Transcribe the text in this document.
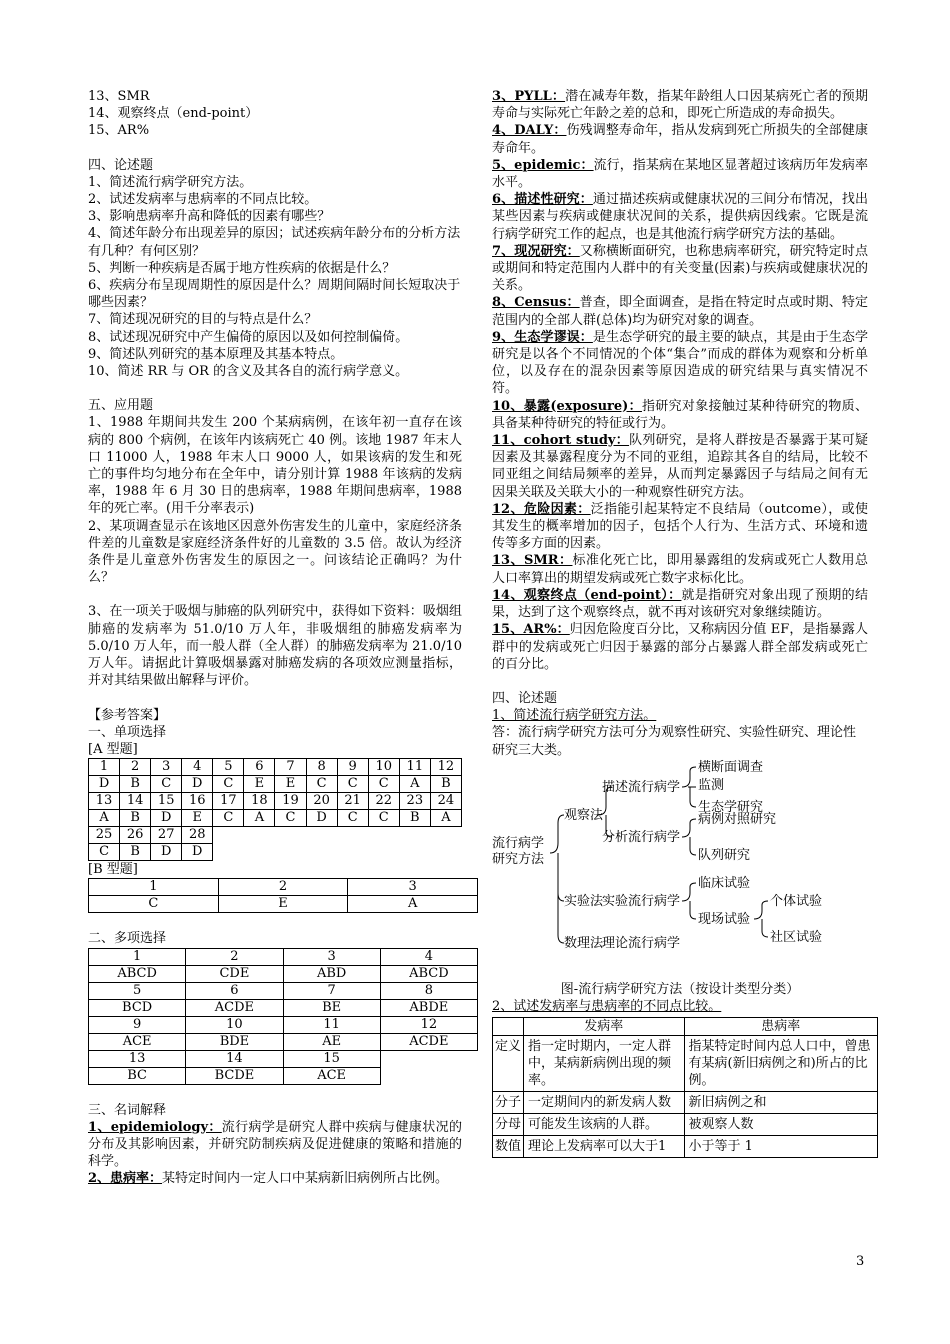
13、SMR

14、观察终点（end-point）

15、AR%

四、论述题

1、简述流行病学研究方法。

2、试述发病率与患病率的不同点比较。

3、影响患病率升高和降低的因素有哪些？

4、简述年龄分布出现差异的原因；试述疾病年龄分布的分析方法有几种？有何区别？

5、判断一种疾病是否属于地方性疾病的依据是什么？

6、疾病分布呈现周期性的原因是什么？周期间隔时间长短取决于哪些因素？

7、简述现况研究的目的与特点是什么？

8、试述现况研究中产生偏倚的原因以及如何控制偏倚。

9、简述队列研究的基本原理及其基本特点。

10、简述 RR 与 OR 的含义及其各自的流行病学意义。

五、应用题

1、1988 年期间共发生 200 个某病病例，在该年初一直存在该病的 800 个病例，在该年内该病死亡 40 例。该地 1987 年末人口 11000 人，1988 年末人口 9000 人，如果该病的发生和死亡的事件均匀地分布在全年中，请分别计算 1988 年该病的发病率，1988 年 6 月 30 日的患病率，1988 年期间患病率，1988 年的死亡率。(用千分率表示)

2、某项调查显示在该地区因意外伤害发生的儿童中，家庭经济条件差的儿童数是家庭经济条件好的儿童数的 3.5 倍。故认为经济条件是儿童意外伤害发生的原因之一。问该结论正确吗？为什么？

3、在一项关于吸烟与肺癌的队列研究中，获得如下资料：吸烟组肺癌的发病率为 51.0/10 万人年，非吸烟组的肺癌发病率为 5.0/10 万人年，而一般人群（全人群）的肺癌发病率为 21.0/10 万人年。请据此计算吸烟暴露对肺癌发病的各项效应测量指标，并对其结果做出解释与评价。

【参考答案】

一、单项选择

[A 型题]

1	2	3	4	5	6	7	8	9	10	11	12
D	B	C	D	C	E	E	C	C	C	A	B
13	14	15	16	17	18	19	20	21	22	23	24
A	B	D	E	C	A	C	D	C	C	B	A
25	26	27	28								
C	B	D	D								

[B 型题]

1	2	3
C	E	A

二、多项选择

1	2	3	4
ABCD	CDE	ABD	ABCD
5	6	7	8
BCD	ACDE	BE	ABDE
9	10	11	12
ACE	BDE	AE	ACDE
13	14	15	
BC	BCDE	ACE	

三、名词解释

1、epidemiology：流行病学是研究人群中疾病与健康状况的分布及其影响因素，并研究防制疾病及促进健康的策略和措施的科学。

2、患病率：某特定时间内一定人口中某病新旧病例所占比例。

3、PYLL：潜在减寿年数，指某年龄组人口因某病死亡者的预期寿命与实际死亡年龄之差的总和，即死亡所造成的寿命损失。

4、DALY：伤残调整寿命年，指从发病到死亡所损失的全部健康寿命年。

5、epidemic：流行，指某病在某地区显著超过该病历年发病率水平。

6、描述性研究：通过描述疾病或健康状况的三间分布情况，找出某些因素与疾病或健康状况间的关系，提供病因线索。它既是流行病学研究工作的起点，也是其他流行病学研究方法的基础。

7、现况研究：又称横断面研究，也称患病率研究，研究特定时点或期间和特定范围内人群中的有关变量(因素)与疾病或健康状况的关系。

8、Census：普查，即全面调查，是指在特定时点或时期、特定范围内的全部人群(总体)均为研究对象的调查。

9、生态学谬误：是生态学研究的最主要的缺点，其是由于生态学研究是以各个不同情况的个体“集合”而成的群体为观察和分析单位，以及存在的混杂因素等原因造成的研究结果与真实情况不符。

10、暴露(exposure)：指研究对象接触过某种待研究的物质、具备某种待研究的特征或行为。

11、cohort study：队列研究，是将人群按是否暴露于某可疑因素及其暴露程度分为不同的亚组，追踪其各自的结局，比较不同亚组之间结局频率的差异，从而判定暴露因子与结局之间有无因果关联及关联大小的一种观察性研究方法。

12、危险因素：泛指能引起某特定不良结局（outcome），或使其发生的概率增加的因子，包括个人行为、生活方式、环境和遗传等多方面的因素。

13、SMR：标准化死亡比，即用暴露组的发病或死亡人数用总人口率算出的期望发病或死亡数字求标化比。

14、观察终点（end-point）：就是指研究对象出现了预期的结果，达到了这个观察终点，就不再对该研究对象继续随访。

15、AR%：归因危险度百分比，又称病因分值 EF，是指暴露人群中的发病或死亡归因于暴露的部分占暴露人群全部发病或死亡的百分比。

四、论述题

1、简述流行病学研究方法。

答：流行病学研究方法可分为观察性研究、实验性研究、理论性研究三大类。

流行病学
研究方法
观察法
实验法
数理法
描述流行病学
分析流行病学
实验流行病学
理论流行病学
横断面调查
监测
生态学研究
病例对照研究
队列研究
临床试验
现场试验
个体试验
社区试验

图-流行病学研究方法（按设计类型分类）

2、试述发病率与患病率的不同点比较。

	发病率	患病率
定义	指一定时期内，一定人群中，某病新病例出现的频率。	指某特定时间内总人口中，曾患有某病(新旧病例之和)所占的比例。
分子	一定期间内的新发病人数	新旧病例之和
分母	可能发生该病的人群。	被观察人数
数值	理论上发病率可以大于1	小于等于 1
3
